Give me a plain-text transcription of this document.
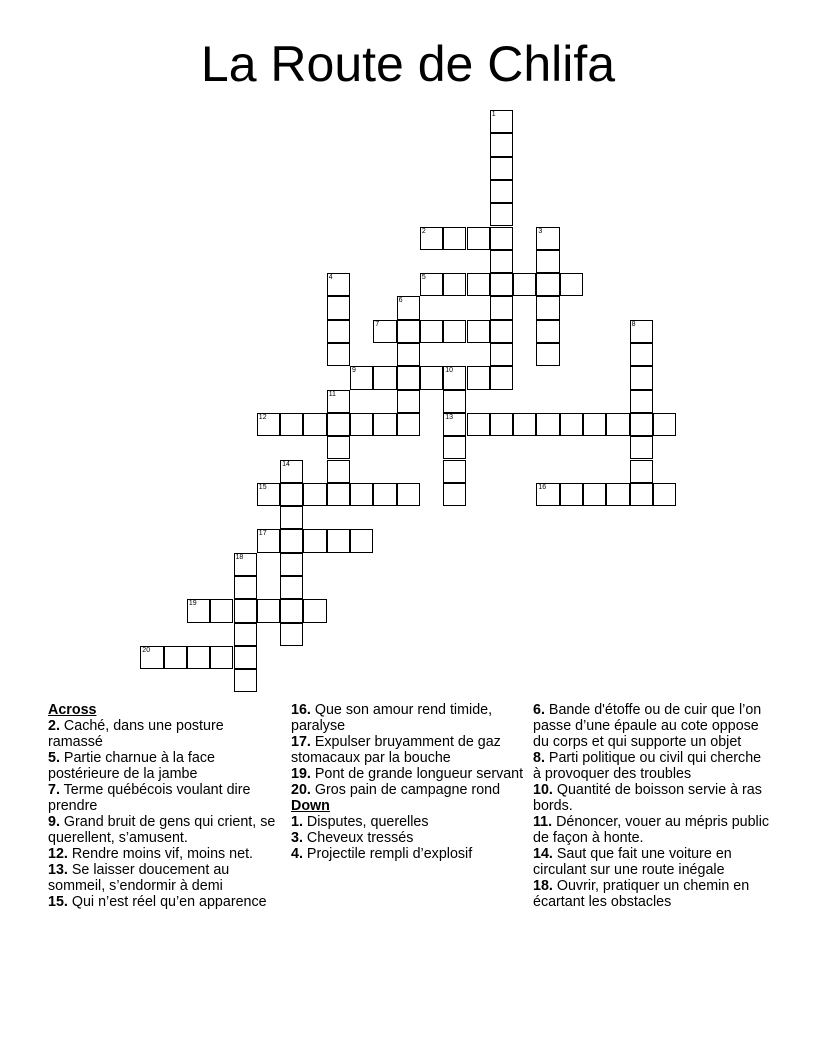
La Route de Chlifa
1
2	3
4	5
6
7	8
9	10
13
11
12
14
15	16
17
18
19
20
Across
2. Caché, dans une posture ramassé
5. Partie charnue à la face postérieure de la jambe
7. Terme québécois voulant dire prendre
9. Grand bruit de gens qui crient, se querellent, s’amusent.
12. Rendre moins vif, moins net.
13. Se laisser doucement au sommeil, s’endormir à demi
15. Qui n’est réel qu’en apparence
16. Que son amour rend timide, paralyse
17. Expulser bruyamment de gaz stomacaux par la bouche
19. Pont de grande longueur servant
20. Gros pain de campagne rond
Down
1. Disputes, querelles
3. Cheveux tressés
4. Projectile rempli d’explosif
6. Bande d'étoffe ou de cuir que l’on passe d’une épaule au cote oppose du corps et qui supporte un objet
8. Parti politique ou civil qui cherche à provoquer des troubles
10. Quantité de boisson servie à ras bords.
11. Dénoncer, vouer au mépris public de façon à honte.
14. Saut que fait une voiture en circulant sur une route inégale
18. Ouvrir, pratiquer un chemin en écartant les obstacles
